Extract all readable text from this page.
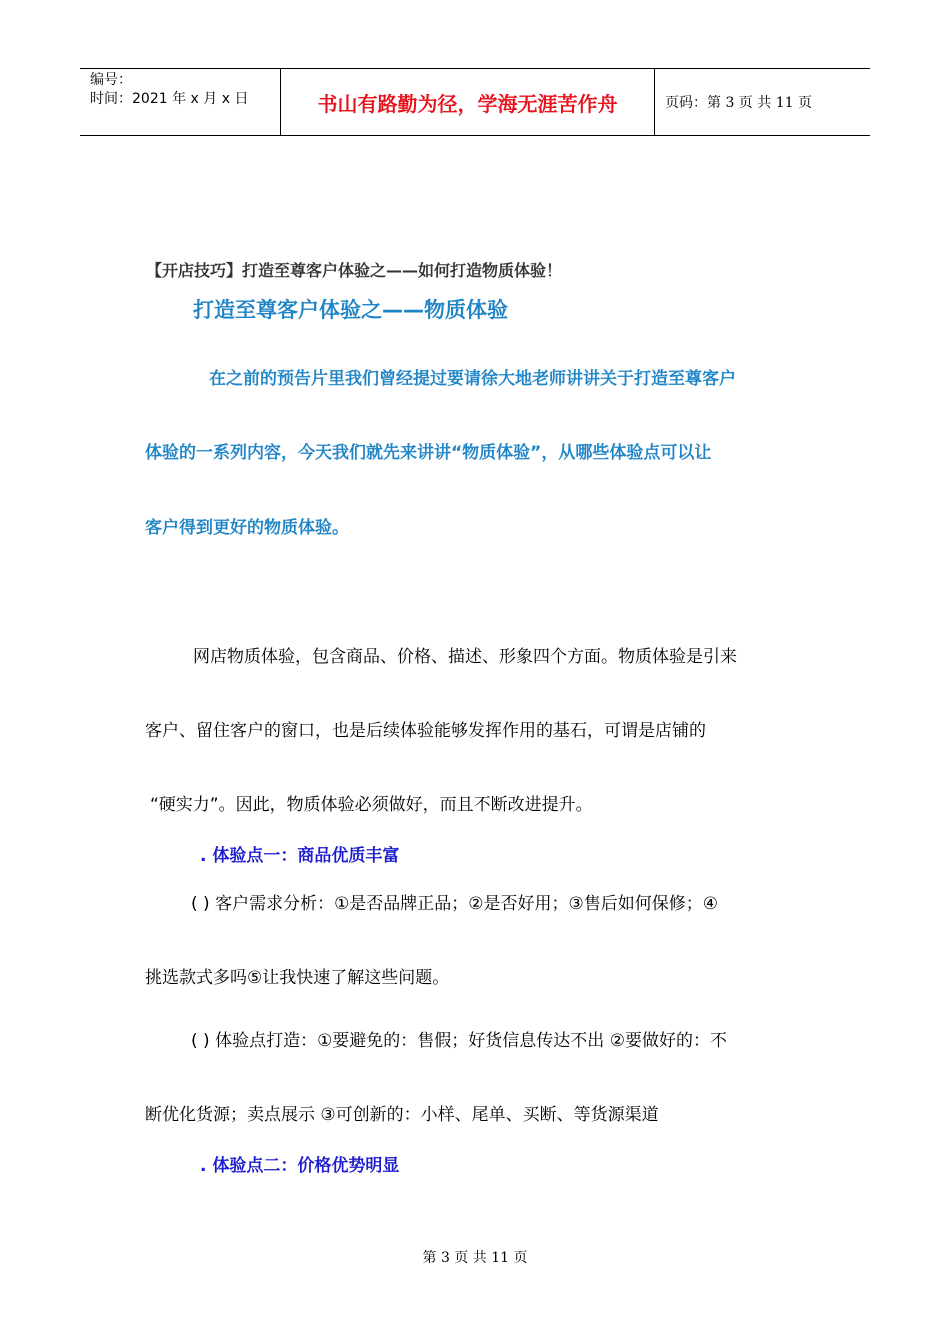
编号：
时间：2021 年 x 月 x 日	书山有路勤为径，学海无涯苦作舟	页码：第 3 页 共 11 页
【开店技巧】打造至尊客户体验之——如何打造物质体验！
打造至尊客户体验之——物质体验
在之前的预告片里我们曾经提过要请徐大地老师讲讲关于打造至尊客户
体验的一系列内容，今天我们就先来讲讲“物质体验”，从哪些体验点可以让
客户得到更好的物质体验。
网店物质体验，包含商品、价格、描述、形象四个方面。物质体验是引来
客户、留住客户的窗口，也是后续体验能够发挥作用的基石，可谓是店铺的
“硬实力”。因此，物质体验必须做好，而且不断改进提升。
. 体验点一：商品优质丰富
( ) 客户需求分析：①是否品牌正品；②是否好用；③售后如何保修；④
挑选款式多吗⑤让我快速了解这些问题。
( ) 体验点打造：①要避免的：售假；好货信息传达不出 ②要做好的：不
断优化货源；卖点展示 ③可创新的：小样、尾单、买断、等货源渠道
. 体验点二：价格优势明显
第 3 页 共 11 页
